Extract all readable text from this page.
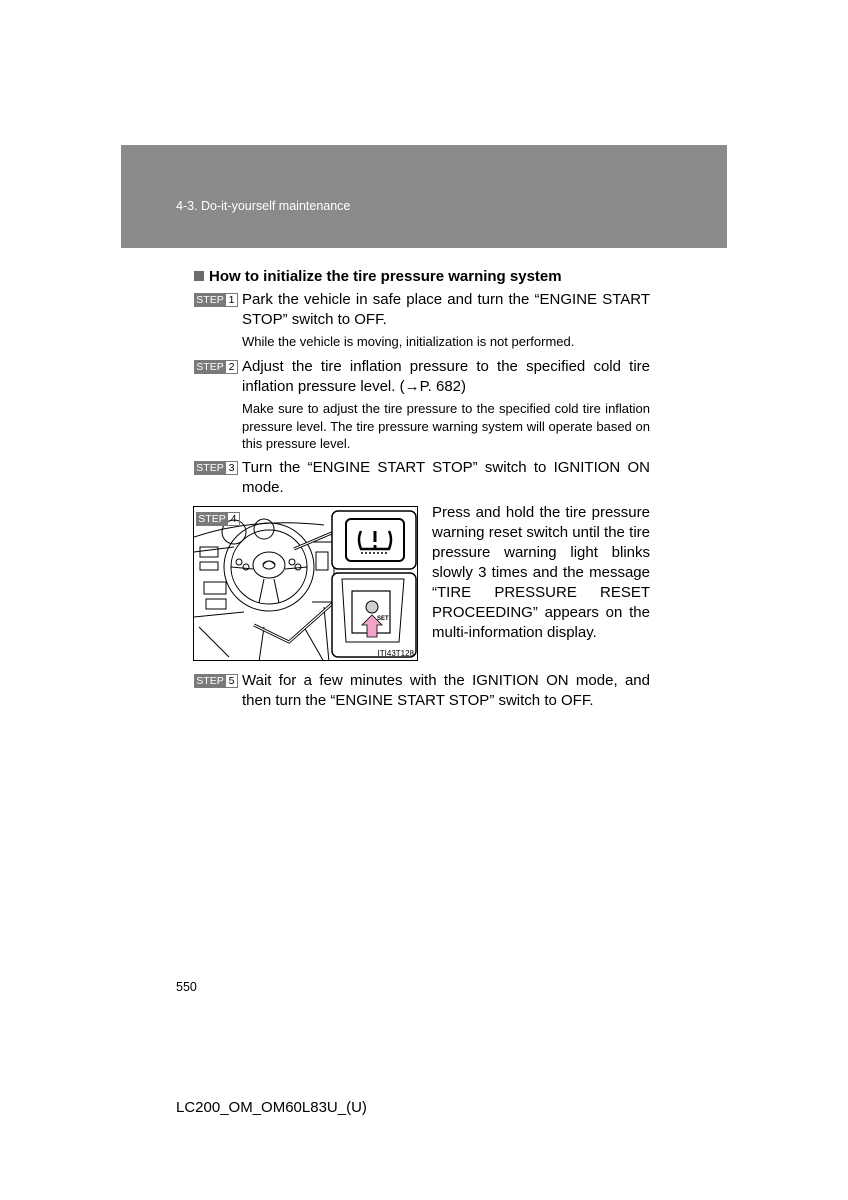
4-3. Do-it-yourself maintenance
How to initialize the tire pressure warning system
STEP 1 Park the vehicle in safe place and turn the “ENGINE START STOP” switch to OFF.
While the vehicle is moving, initialization is not performed.
STEP 2 Adjust the tire inflation pressure to the specified cold tire inflation pressure level. (→P. 682)
Make sure to adjust the tire pressure to the specified cold tire inflation pressure level. The tire pressure warning system will operate based on this pressure level.
STEP 3 Turn the “ENGINE START STOP” switch to IGNITION ON mode.
SET
STEP 4
ITI43T128
Press and hold the tire pressure warning reset switch until the tire pressure warning light blinks slowly 3 times and the message “TIRE PRESSURE RESET PROCEEDING” appears on the multi-information display.
STEP 5 Wait for a few minutes with the IGNITION ON mode, and then turn the “ENGINE START STOP” switch to OFF.
550
LC200_OM_OM60L83U_(U)
